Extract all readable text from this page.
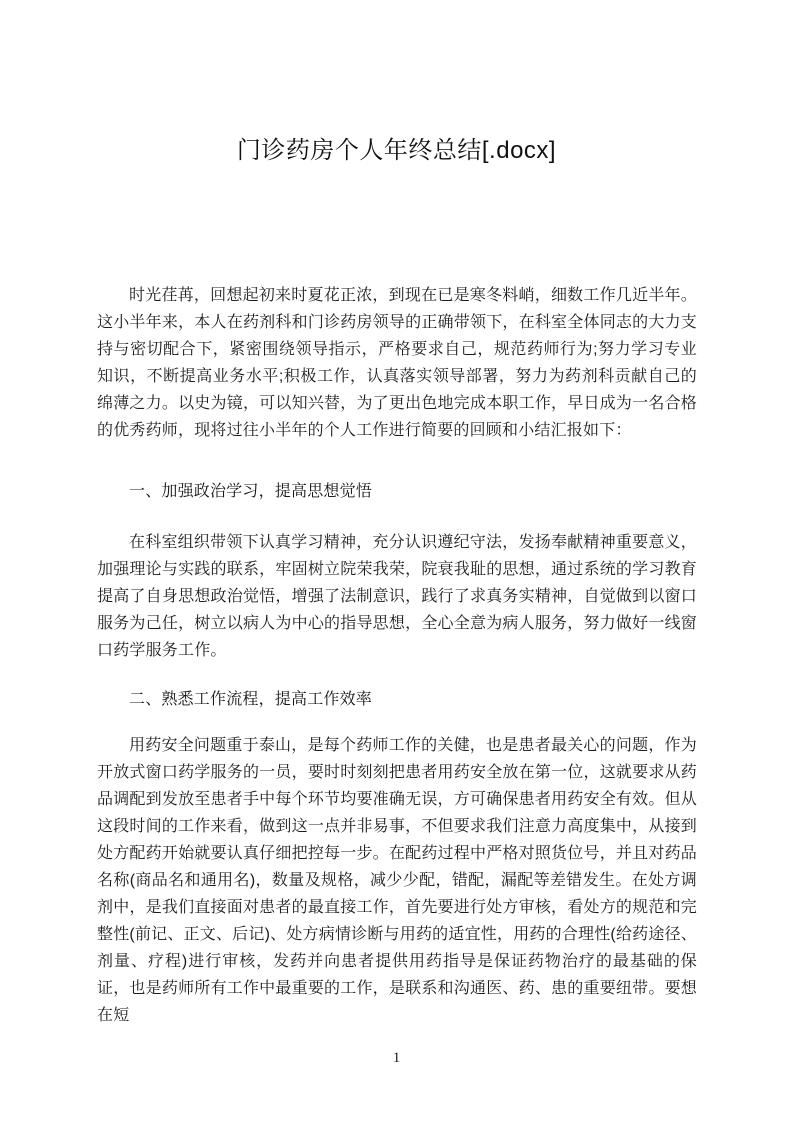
门诊药房个人年终总结[.docx]
时光荏苒，回想起初来时夏花正浓，到现在已是寒冬料峭，细数工作几近半年。这小半年来，本人在药剂科和门诊药房领导的正确带领下，在科室全体同志的大力支持与密切配合下，紧密围绕领导指示，严格要求自己，规范药师行为;努力学习专业知识，不断提高业务水平;积极工作，认真落实领导部署，努力为药剂科贡献自己的绵薄之力。以史为镜，可以知兴替，为了更出色地完成本职工作，早日成为一名合格的优秀药师，现将过往小半年的个人工作进行简要的回顾和小结汇报如下：
一、加强政治学习，提高思想觉悟
在科室组织带领下认真学习精神，充分认识遵纪守法，发扬奉献精神重要意义，加强理论与实践的联系，牢固树立院荣我荣，院衰我耻的思想，通过系统的学习教育提高了自身思想政治觉悟，增强了法制意识，践行了求真务实精神，自觉做到以窗口服务为己任，树立以病人为中心的指导思想，全心全意为病人服务，努力做好一线窗口药学服务工作。
二、熟悉工作流程，提高工作效率
用药安全问题重于泰山，是每个药师工作的关健，也是患者最关心的问题，作为开放式窗口药学服务的一员，要时时刻刻把患者用药安全放在第一位，这就要求从药品调配到发放至患者手中每个环节均要准确无误，方可确保患者用药安全有效。但从这段时间的工作来看，做到这一点并非易事，不但要求我们注意力高度集中，从接到处方配药开始就要认真仔细把控每一步。在配药过程中严格对照货位号，并且对药品名称(商品名和通用名)，数量及规格，减少少配，错配，漏配等差错发生。在处方调剂中，是我们直接面对患者的最直接工作，首先要进行处方审核，看处方的规范和完整性(前记、正文、后记)、处方病情诊断与用药的适宜性，用药的合理性(给药途径、剂量、疗程)进行审核，发药并向患者提供用药指导是保证药物治疗的最基础的保证，也是药师所有工作中最重要的工作，是联系和沟通医、药、患的重要纽带。要想在短
1
